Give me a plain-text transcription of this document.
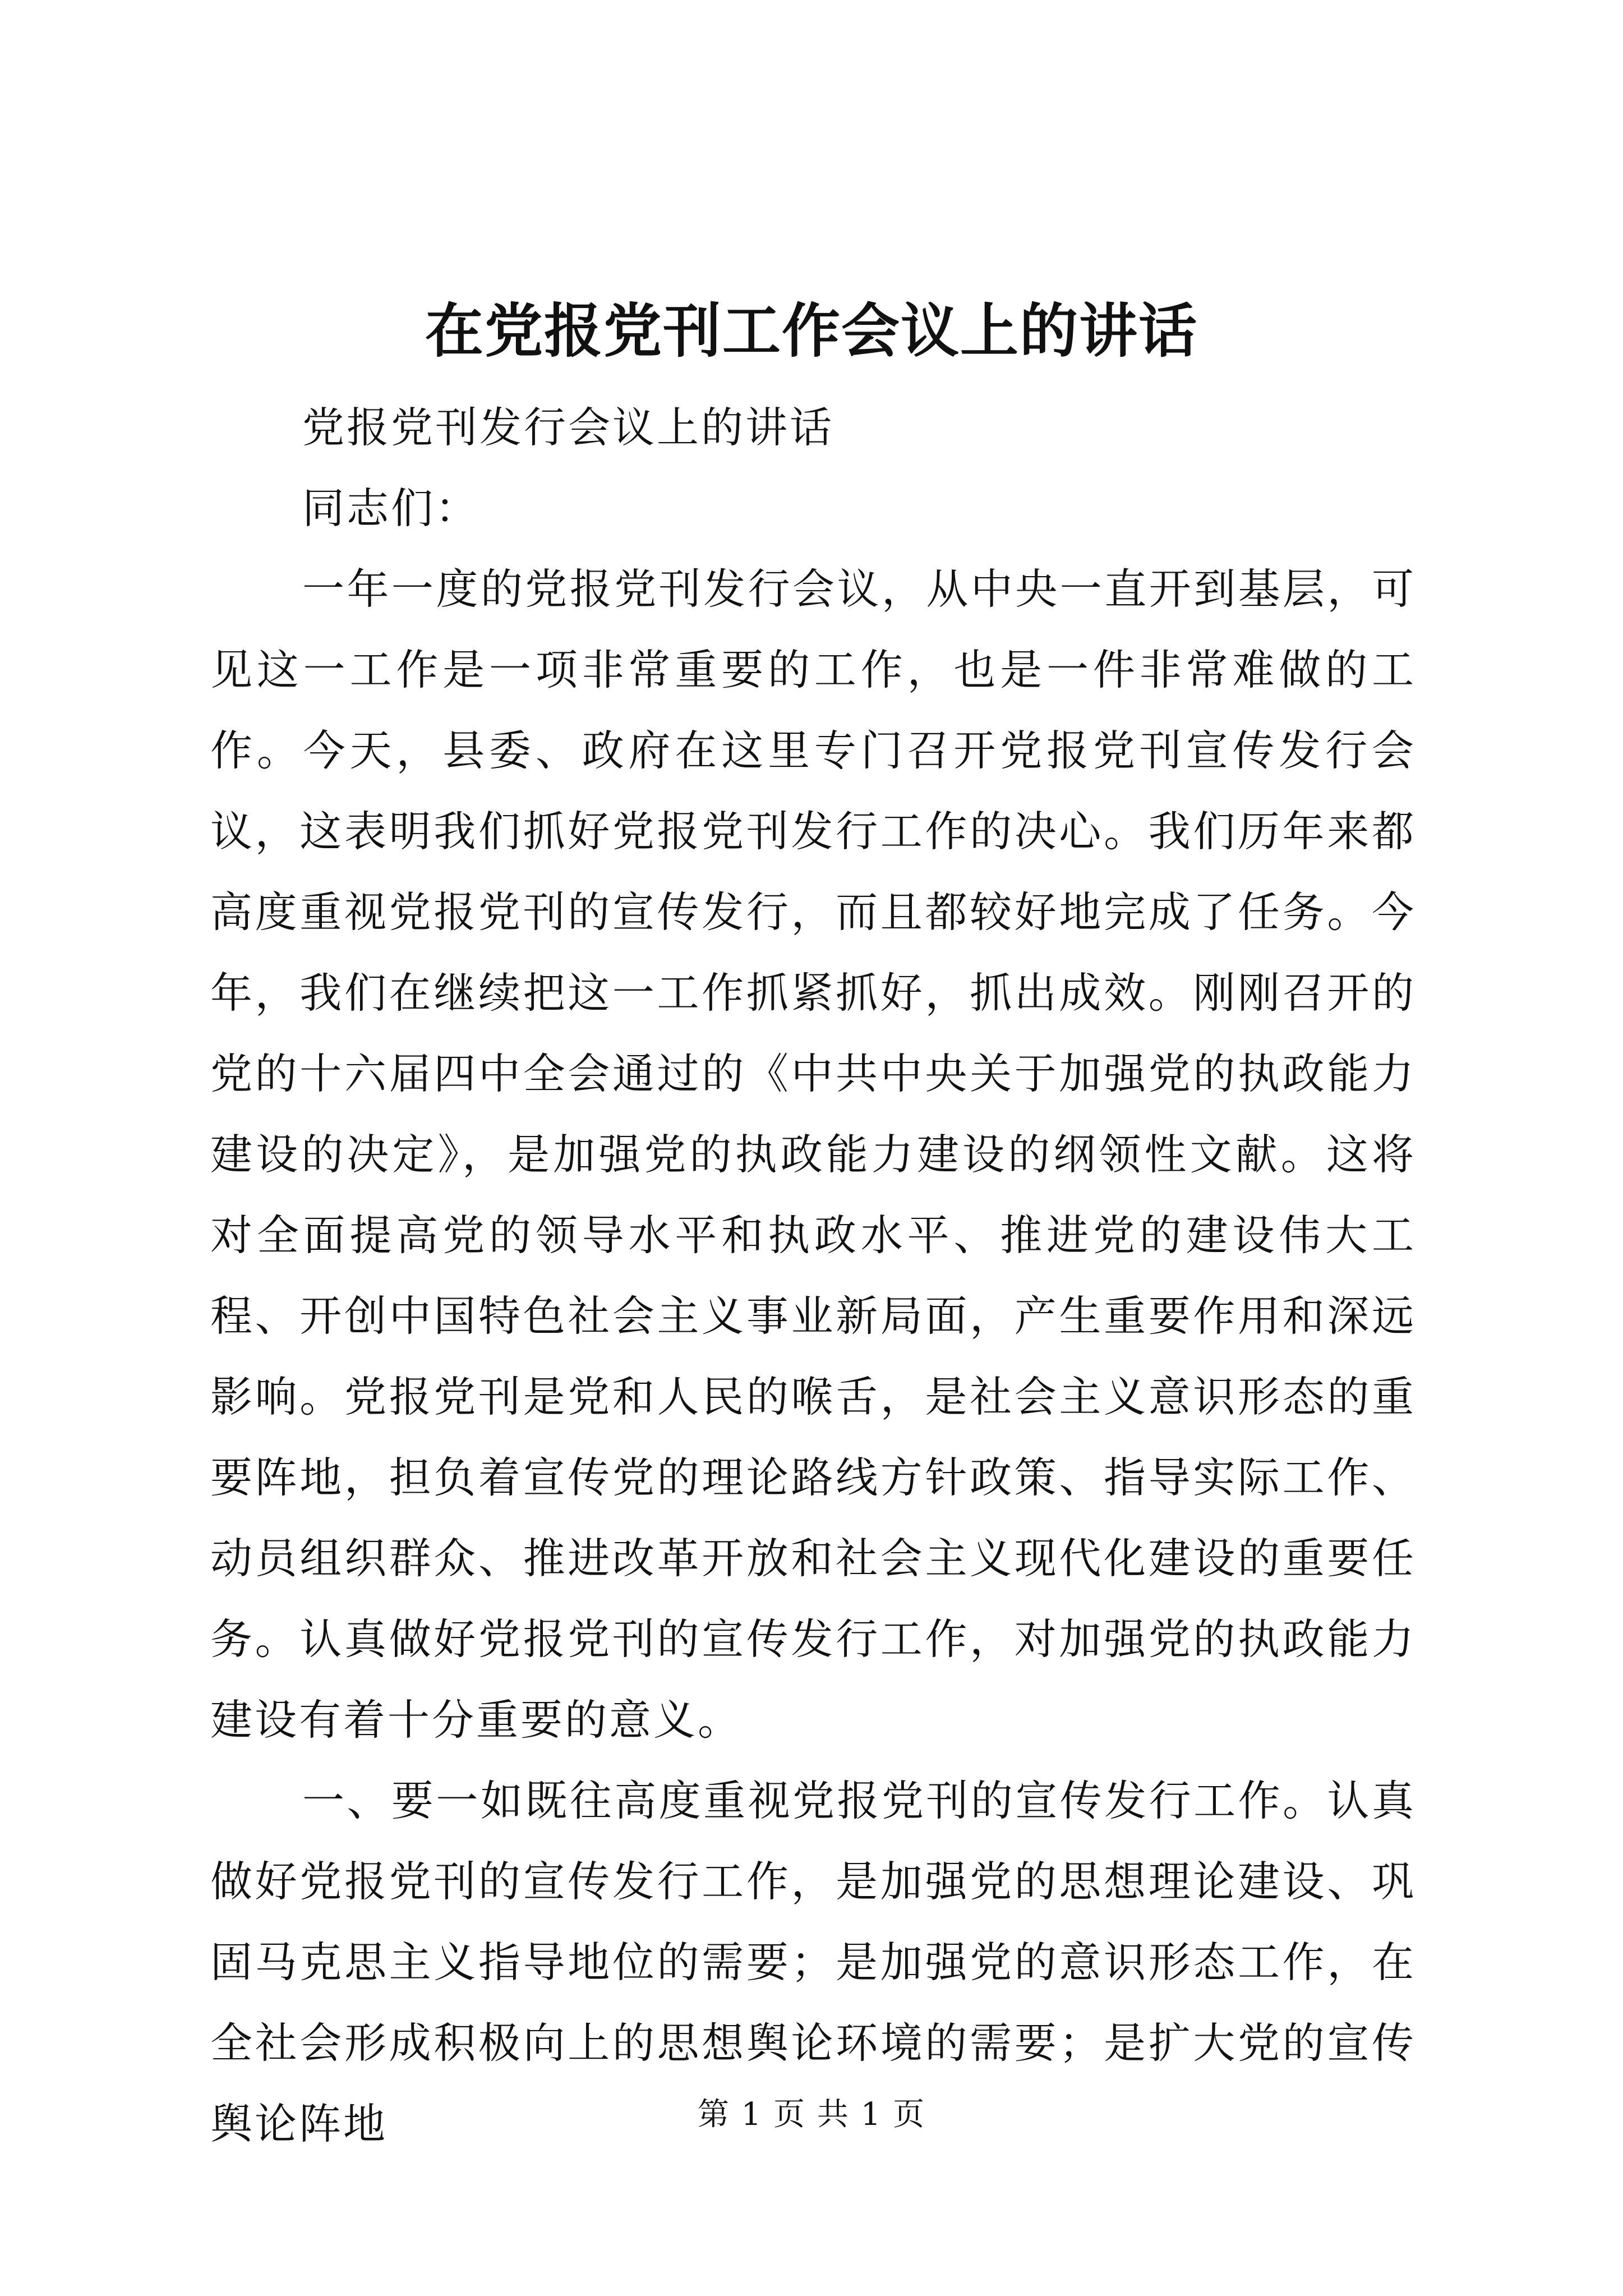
在党报党刊工作会议上的讲话

党报党刊发行会议上的讲话

同志们：

一年一度的党报党刊发行会议，从中央一直开到基层，可见这一工作是一项非常重要的工作，也是一件非常难做的工作。今天，县委、政府在这里专门召开党报党刊宣传发行会议，这表明我们抓好党报党刊发行工作的决心。我们历年来都高度重视党报党刊的宣传发行，而且都较好地完成了任务。今年，我们在继续把这一工作抓紧抓好，抓出成效。刚刚召开的党的十六届四中全会通过的《中共中央关于加强党的执政能力建设的决定》，是加强党的执政能力建设的纲领性文献。这将对全面提高党的领导水平和执政水平、推进党的建设伟大工程、开创中国特色社会主义事业新局面，产生重要作用和深远影响。党报党刊是党和人民的喉舌，是社会主义意识形态的重要阵地，担负着宣传党的理论路线方针政策、指导实际工作、动员组织群众、推进改革开放和社会主义现代化建设的重要任务。认真做好党报党刊的宣传发行工作，对加强党的执政能力建设有着十分重要的意义。

一、要一如既往高度重视党报党刊的宣传发行工作。认真做好党报党刊的宣传发行工作，是加强党的思想理论建设、巩固马克思主义指导地位的需要；是加强党的意识形态工作，在全社会形成积极向上的思想舆论环境的需要；是扩大党的宣传舆论阵地	第 1 页 共 1 页
